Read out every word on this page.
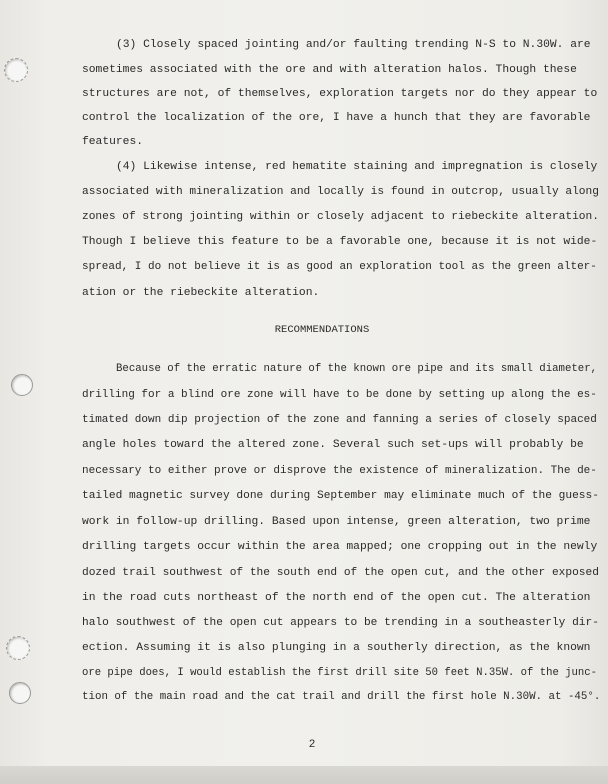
(3) Closely spaced jointing and/or faulting trending N-S to N.30W. are
sometimes associated with the ore and with alteration halos. Though these
structures are not, of themselves, exploration targets nor do they appear to
control the localization of the ore, I have a hunch that they are favorable
features.
(4) Likewise intense, red hematite staining and impregnation is closely
associated with mineralization and locally is found in outcrop, usually along
zones of strong jointing within or closely adjacent to riebeckite alteration.
Though I believe this feature to be a favorable one, because it is not wide-
spread, I do not believe it is as good an exploration tool as the green alter-
ation or the riebeckite alteration.
RECOMMENDATIONS
Because of the erratic nature of the known ore pipe and its small diameter,
drilling for a blind ore zone will have to be done by setting up along the es-
timated down dip projection of the zone and fanning a series of closely spaced
angle holes toward the altered zone. Several such set-ups will probably be
necessary to either prove or disprove the existence of mineralization. The de-
tailed magnetic survey done during September may eliminate much of the guess-
work in follow-up drilling. Based upon intense, green alteration, two prime
drilling targets occur within the area mapped; one cropping out in the newly
dozed trail southwest of the south end of the open cut, and the other exposed
in the road cuts northeast of the north end of the open cut. The alteration
halo southwest of the open cut appears to be trending in a southeasterly dir-
ection. Assuming it is also plunging in a southerly direction, as the known
ore pipe does, I would establish the first drill site 50 feet N.35W. of the junc-
tion of the main road and the cat trail and drill the first hole N.30W. at -45°.
2
